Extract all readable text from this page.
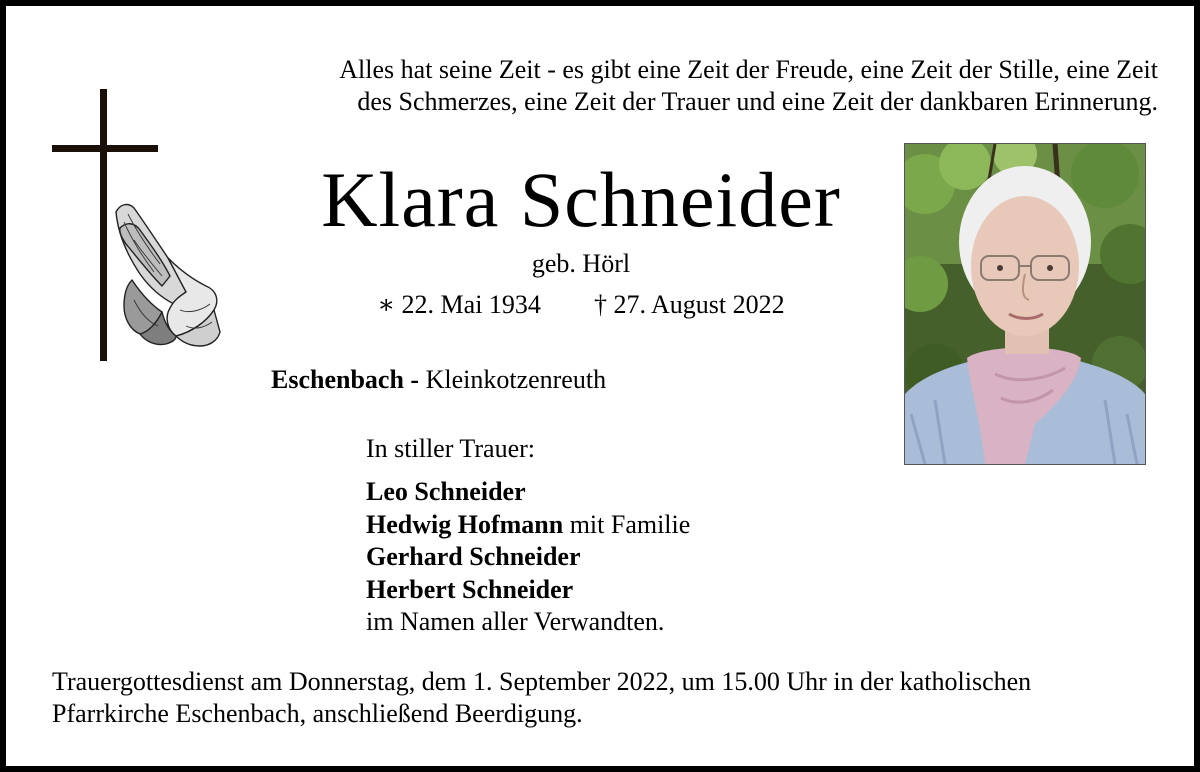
Alles hat seine Zeit - es gibt eine Zeit der Freude, eine Zeit der Stille, eine Zeit
des Schmerzes, eine Zeit der Trauer und eine Zeit der dankbaren Erinnerung.
Klara Schneider
geb. Hörl
∗ 22. Mai 1934 † 27. August 2022
Eschenbach - Kleinkotzenreuth
In stiller Trauer:
Leo Schneider
Hedwig Hofmann mit Familie
Gerhard Schneider
Herbert Schneider
im Namen aller Verwandten.
Trauergottesdienst am Donnerstag, dem 1. September 2022, um 15.00 Uhr in der katholischen
Pfarrkirche Eschenbach, anschließend Beerdigung.
